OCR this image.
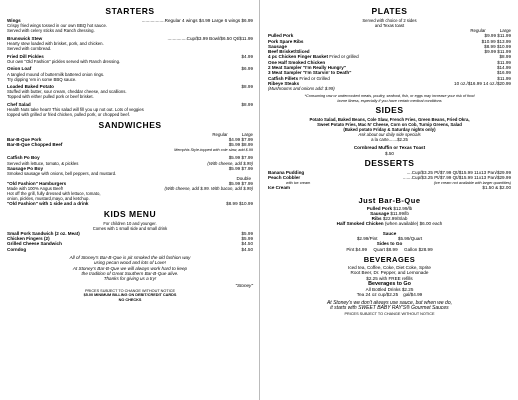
STARTERS
Wings	..................Regular 4 wings $4.99 Large 6 wings $6.99
Crispy fried wings tossed in our own BBQ hot sauce.
Served with celery sticks and Ranch dressing.
Brunswick Stew	...............Cup/$3.99 Bowl/$6.50 Qt/$11.99
Hearty stew loaded with brisket, pork, and chicken.
Served with cornbread.
Fried Dill Pickles	$4.99
Our own "Old Fashion" pickles served with Ranch dressing.
Onion Loaf	$6.99
A tangled mound of buttermilk battered onion rings.
Try dipping 'em in some BBQ sauce.
Loaded Baked Potato	$8.99
Stuffed with butter, sour cream, cheddar cheese, and scallions.
Topped with either pulled pork or beef brisket.
Chef Salad	$8.99
Health Nuts take heart! This salad will fill you up not out. Lots of veggies
topped with grilled or fried chicken, pulled pork, or chopped beef.
SANDWICHES
Regular	Large
Bar-B-Que Pork	$4.99 $7.99
Bar-B-Que Chopped Beef	$5.99 $8.99
Memphis Style-topped with cole slaw, add $.99
Catfish Po Boy	$5.99 $7.99
Served with lettuce, tomato, & pickles	(With cheese, add $.99)
Sausage Po Boy	$5.99 $7.99
Smoked sausage with onions, bell peppers, and mustard.
Double
"Old Fashion" Hamburgers	$5.99 $7.99
Made with 100% Angus Beef!	(With cheese, add $.99. With bacon, add $.99)
Hot off the grill, fully dressed with lettuce, tomato,
onion, pickles, mustard,mayo, and ketchup.
"Old Fashion" with 1 side and a drink	$8.99 $10.99
KIDS MENU
For children 10 and younger.
Comes with 1 small side and small drink
Small Pork Sandwich (2 oz. Meat)	$5.99
Chicken Fingers (2)	$5.99
Grilled Cheese Sandwich	$4.50
Corndog	$4.50
All of Stoney's Bar-B-Que is pit smoked the old fashion way
using pecan wood and lots of Love!
At Stoney's Bar-B-Que we will always work hard to keep
the tradition of Great Southern Bar-B-Que alive.
Thanks for giving us a try!
"Stoney"
PRICES SUBJECT TO CHANGE WITHOUT NOTICE
$5.00 MINIMUM BILLING ON DEBIT/CREDIT CARDS
NO CHECKS
PLATES
Served with choice of 2 sides
and Texas toast
Regular	Large
Pulled Pork	$9.99 $11.99
Pork Spare Ribs	$10.99 $13.99
Sausage	$8.99 $10.99
Beef Brisket/Sliced	$9.99 $11.99
4 pc Chicken Finger Basket Fried or grilled	$8.99
One Half Smoked Chicken	$11.99
2 Meat Sampler "I'm Really Hungry"	$14.99
3 Meat Sampler "I'm Starvin' to Death"	$16.99
Catfish Fillets Fried or Grilled	$11.99
Ribeye Steaks	10 oz./$16.99 14 oz./$20.99
(Mushrooms and onions add: $.99)
*Consuming raw or undercooked meats, poultry, seafood, fish, or eggs may increase your risk of food
borne illness, especially if you have certain medical conditions
SIDES
Potato Salad, Baked Beans, Cole Slaw, French Fries, Green Beans, Fried Okra,
Sweet Potato Fries, Mac N' Cheese, Corn on Cob, Turnip Greens, Salad
(Baked potato Friday & Saturday nights only)
Ask about our daily side specials
a la carte.......$2.25
Cornbread Muffin or Texas Toast
$.50
DESSERTS
Banana Pudding	....Cup/$3.25 Pt/$7.99 Qt/$15.99 11x13 Pan/$29.99
Peach Cobbler	.......Cup/$3.25 Pt/$7.99 Qt/$15.99 11x13 Pan/$29.99
with ice cream	(ice cream not available with larger quantities)
Ice Cream	$1.50 & $2.00
Just Bar-B-Que
Pulled Pork $12.99/lb
Sausage $11.99/lb
Ribs $22.99/Slab
Half Smoked Chicken (when available) $6.00 each
Sauce
$2.99/Pint                $5.99/Quart
Sides to Go
Pint $4.99     Quart $8.99     Gallon $28.99
BEVERAGES
Iced tea, Coffee, Coke, Diet Coke, Sprite
Root Beer, Dr. Pepper, and Lemonade
$2.25 with FREE refills
Beverages to Go
All Bottled Drinks $2.25
Tea 24 oz cup/$2.25    gal/$4.99
At Stoney's we don't always use sauce, but when we do,
it starts with SWEET BABY RAY'S® Gourmet Sauces
PRICES SUBJECT TO CHANGE WITHOUT NOTICE
